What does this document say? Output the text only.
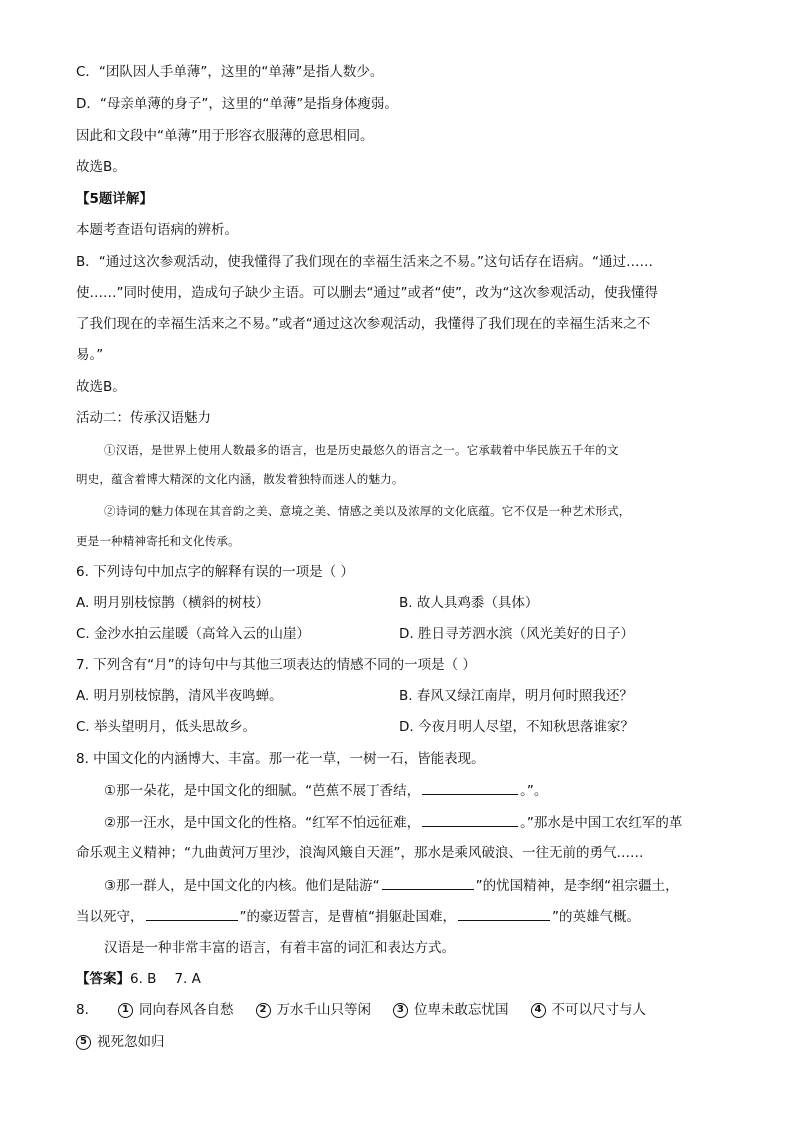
C．“团队因人手单薄”，这里的“单薄”是指人数少。
D．“母亲单薄的身子”，这里的“单薄”是指身体瘦弱。
因此和文段中“单薄”用于形容衣服薄的意思相同。
故选B。
【5题详解】
本题考查语句语病的辨析。
B．“通过这次参观活动，使我懂得了我们现在的幸福生活来之不易。”这句话存在语病。“通过……
使……”同时使用，造成句子缺少主语。可以删去“通过”或者“使”，改为“这次参观活动，使我懂得
了我们现在的幸福生活来之不易。”或者“通过这次参观活动，我懂得了我们现在的幸福生活来之不
易。”
故选B。
活动二：传承汉语魅力
①汉语，是世界上使用人数最多的语言，也是历史最悠久的语言之一。它承载着中华民族五千年的文
明史，蕴含着博大精深的文化内涵，散发着独特而迷人的魅力。
②诗词的魅力体现在其音韵之美、意境之美、情感之美以及浓厚的文化底蕴。它不仅是一种艺术形式，
更是一种精神寄托和文化传承。
6. 下列诗句中加点字的解释有误的一项是（ ）
A. 明月别枝惊鹊（横斜的树枝）	B. 故人具鸡黍（具体）
C. 金沙水拍云崖暖（高耸入云的山崖）	D. 胜日寻芳泗水滨（风光美好的日子）
7. 下列含有“月”的诗句中与其他三项表达的情感不同的一项是（ ）
A. 明月别枝惊鹊，清风半夜鸣蝉。	B. 春风又绿江南岸，明月何时照我还？
C. 举头望明月，低头思故乡。	D. 今夜月明人尽望，不知秋思落谁家？
8. 中国文化的内涵博大、丰富。那一花一草，一树一石，皆能表现。
①那一朵花，是中国文化的细腻。“芭蕉不展丁香结，	。”。
②那一汪水，是中国文化的性格。“红军不怕远征难，	。”那水是中国工农红军的革
命乐观主义精神；“九曲黄河万里沙，浪淘风簸自天涯”，那水是乘风破浪、一往无前的勇气……
③那一群人，是中国文化的内核。他们是陆游“	”的忧国精神，是李纲“祖宗疆土，
当以死守，	”的豪迈誓言，是曹植“捐躯赴国难，	”的英雄气概。
汉语是一种非常丰富的语言，有着丰富的词汇和表达方式。
【答案】6. B 7. A
8.	1 同向春风各自愁	2 万水千山只等闲	3 位卑未敢忘忧国	4 不可以尺寸与人
5 视死忽如归
